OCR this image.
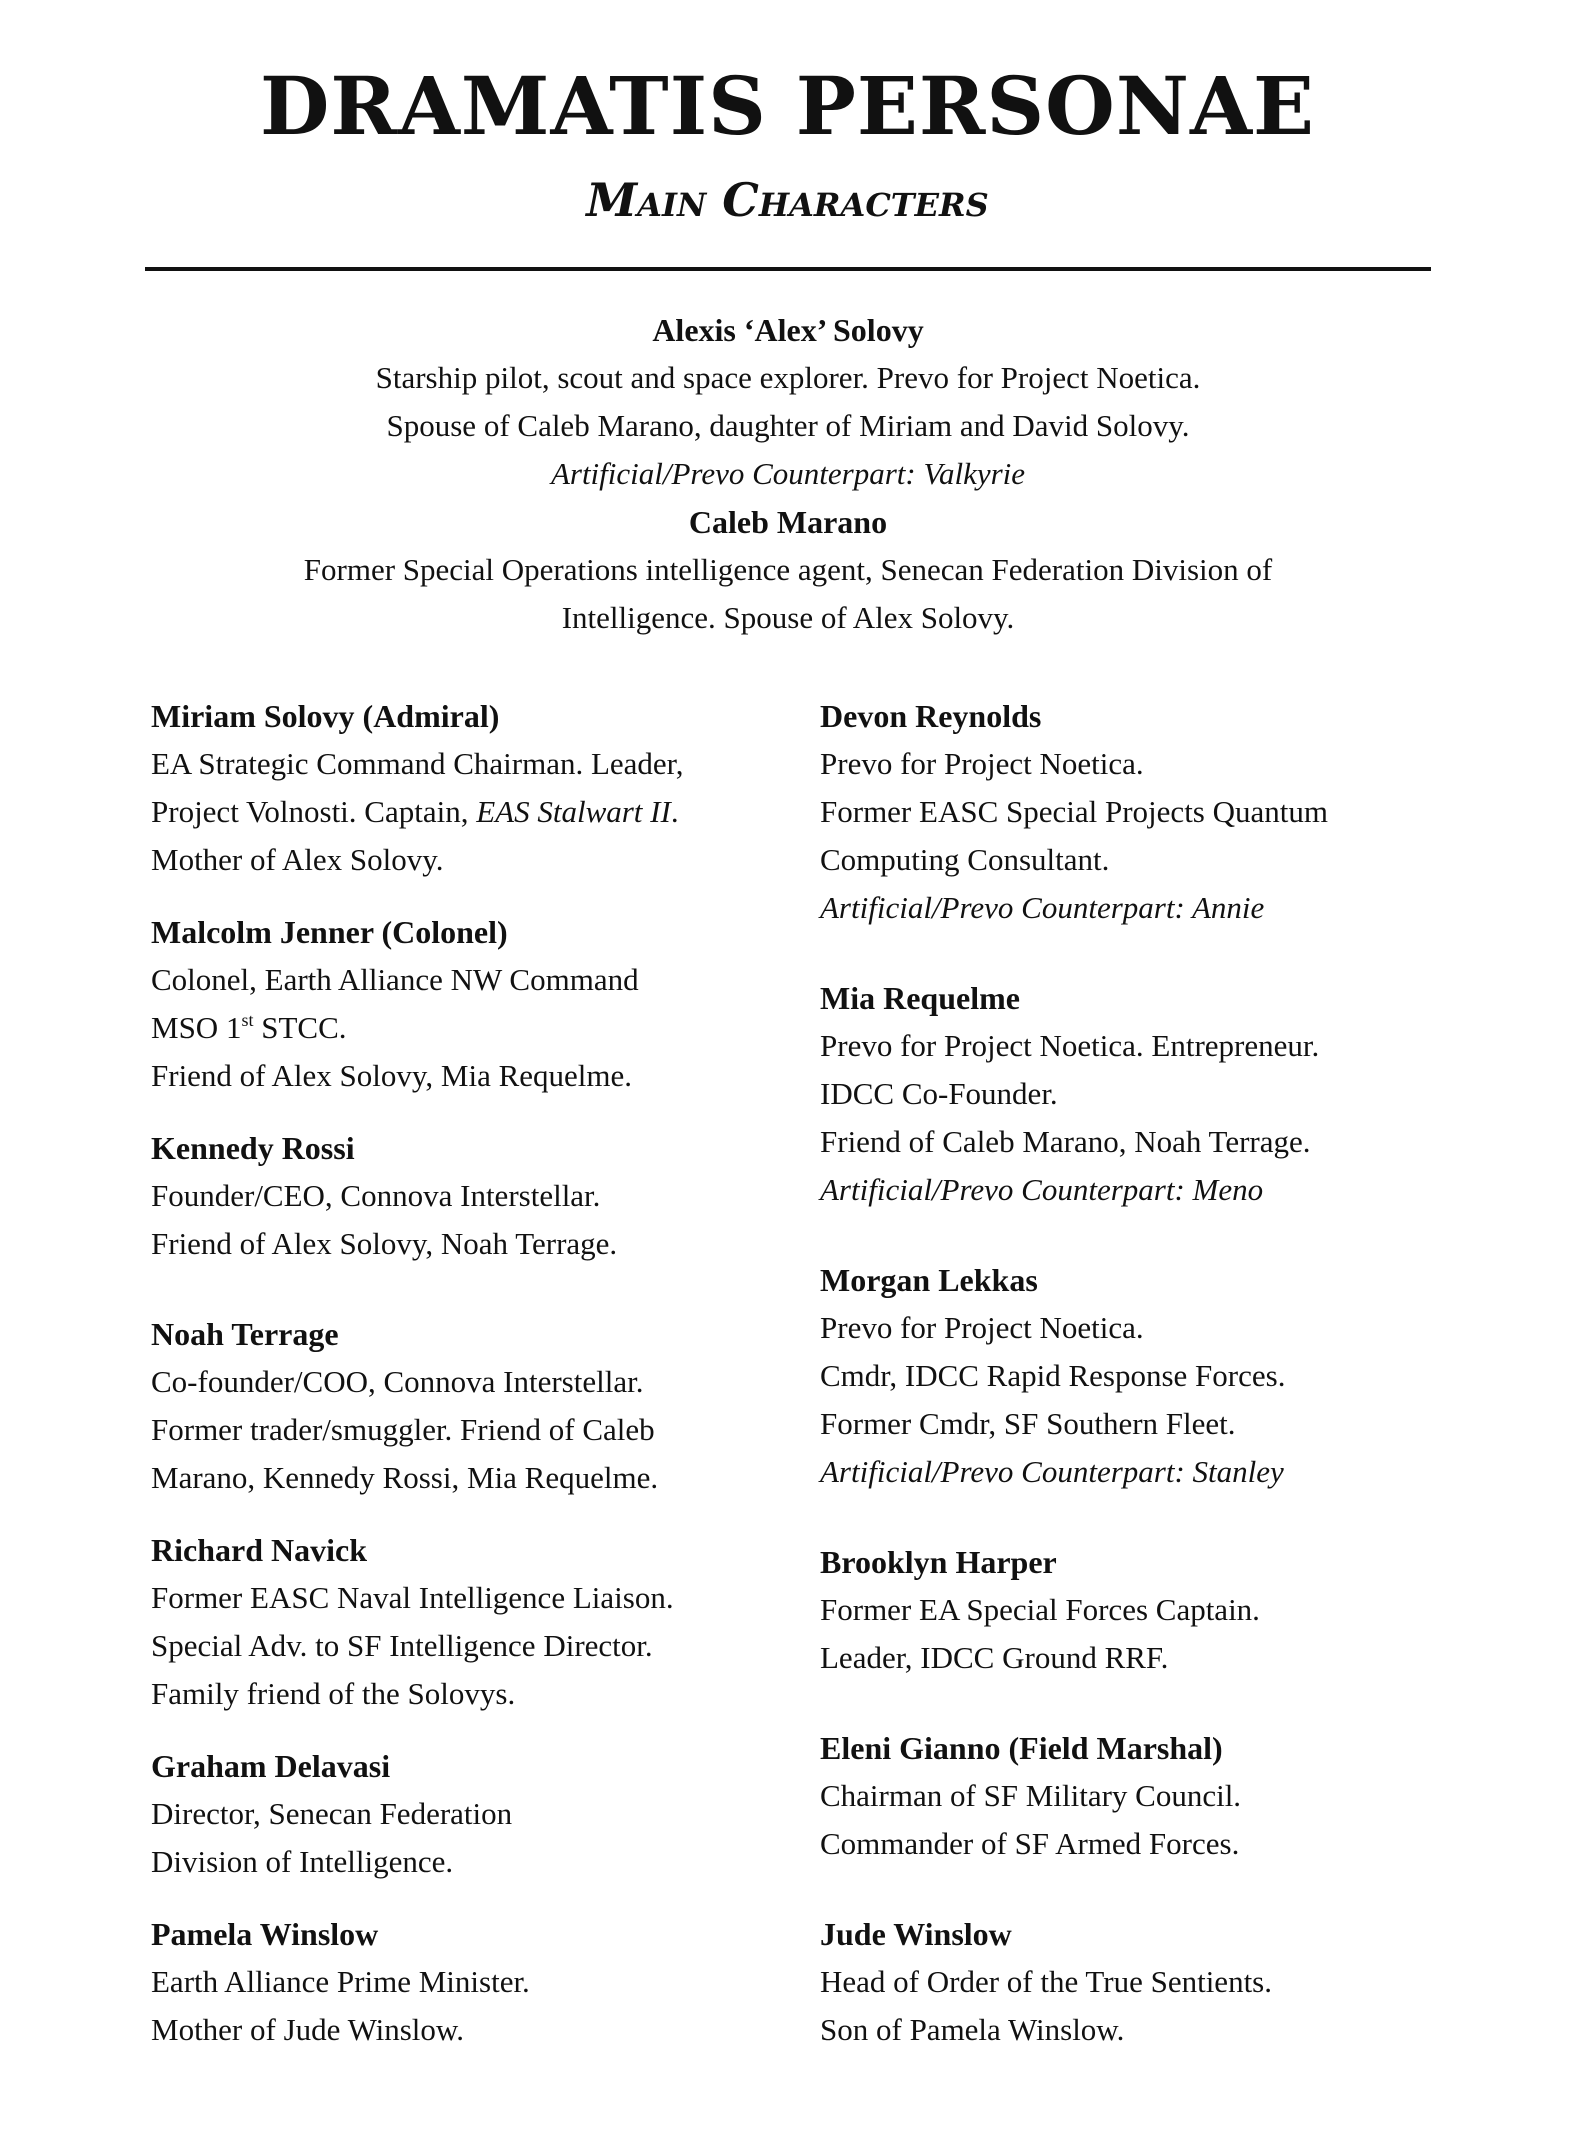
DRAMATIS PERSONAE
Main Characters
Alexis ‘Alex’ Solovy
Starship pilot, scout and space explorer. Prevo for Project Noetica.
Spouse of Caleb Marano, daughter of Miriam and David Solovy.
Artificial/Prevo Counterpart: Valkyrie
Caleb Marano
Former Special Operations intelligence agent, Senecan Federation Division of
Intelligence. Spouse of Alex Solovy.
Miriam Solovy (Admiral)
EA Strategic Command Chairman. Leader,
Project Volnosti. Captain, EAS Stalwart II.
Mother of Alex Solovy.
Malcolm Jenner (Colonel)
Colonel, Earth Alliance NW Command
MSO 1st STCC.
Friend of Alex Solovy, Mia Requelme.
Kennedy Rossi
Founder/CEO, Connova Interstellar.
Friend of Alex Solovy, Noah Terrage.
Noah Terrage
Co-founder/COO, Connova Interstellar.
Former trader/smuggler. Friend of Caleb
Marano, Kennedy Rossi, Mia Requelme.
Richard Navick
Former EASC Naval Intelligence Liaison.
Special Adv. to SF Intelligence Director.
Family friend of the Solovys.
Graham Delavasi
Director, Senecan Federation
Division of Intelligence.
Pamela Winslow
Earth Alliance Prime Minister.
Mother of Jude Winslow.
Devon Reynolds
Prevo for Project Noetica.
Former EASC Special Projects Quantum
Computing Consultant.
Artificial/Prevo Counterpart: Annie
Mia Requelme
Prevo for Project Noetica. Entrepreneur.
IDCC Co-Founder.
Friend of Caleb Marano, Noah Terrage.
Artificial/Prevo Counterpart: Meno
Morgan Lekkas
Prevo for Project Noetica.
Cmdr, IDCC Rapid Response Forces.
Former Cmdr, SF Southern Fleet.
Artificial/Prevo Counterpart: Stanley
Brooklyn Harper
Former EA Special Forces Captain.
Leader, IDCC Ground RRF.
Eleni Gianno (Field Marshal)
Chairman of SF Military Council.
Commander of SF Armed Forces.
Jude Winslow
Head of Order of the True Sentients.
Son of Pamela Winslow.
